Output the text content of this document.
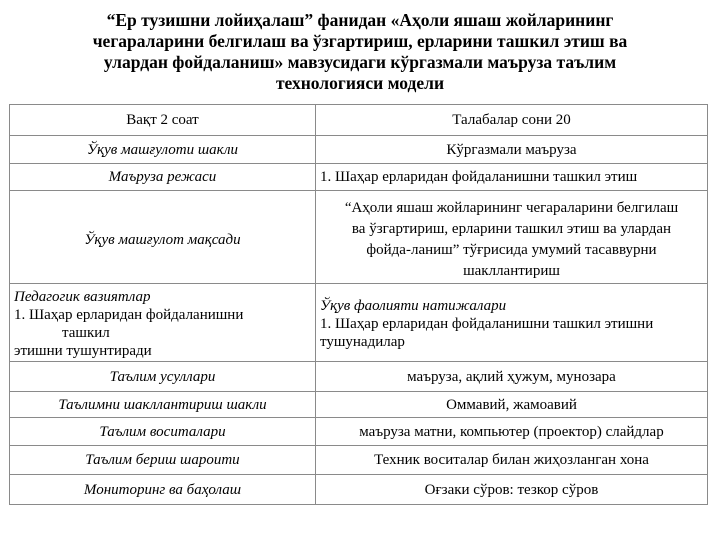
“Ер тузишни лойиҳалаш” фанидан «Аҳоли яшаш жойларининг
чегараларини белгилаш ва ўзгартириш, ерларини ташкил этиш ва
улардан фойдаланиш» мавзусидаги кўргазмали маъруза таълим
технологияси модели
Вақт 2 соат	Талабалар сони 20
Ўқув машғулоти шакли	Кўргазмали маъруза
Маъруза режаси	1. Шаҳар ерларидан фойдаланишни ташкил этиш
Ўқув машғулот мақсади	“Аҳоли яшаш жойларининг чегараларини белгилаш
ва ўзгартириш, ерларини ташкил этиш ва улардан
фойда-ланиш” тўғрисида умумий тасаввурни
шакллантириш

Педагогик вазиятлар
1. Шаҳар ерларидан фойдаланишни
ташкил
этишни тушунтиради	Ўқув фаолияти натижалари
1. Шаҳар ерларидан фойдаланишни ташкил этишни
тушунадилар

Таълим усуллари	маъруза, ақлий ҳужум, мунозара
Таълимни шакллантириш шакли	Оммавий, жамоавий
Таълим воситалари	маъруза матни, компьютер (проектор) слайдлар
Таълим бериш шароити	Техник воситалар билан жиҳозланган хона
Мониторинг ва баҳолаш	Оғзаки сўров: тезкор сўров
